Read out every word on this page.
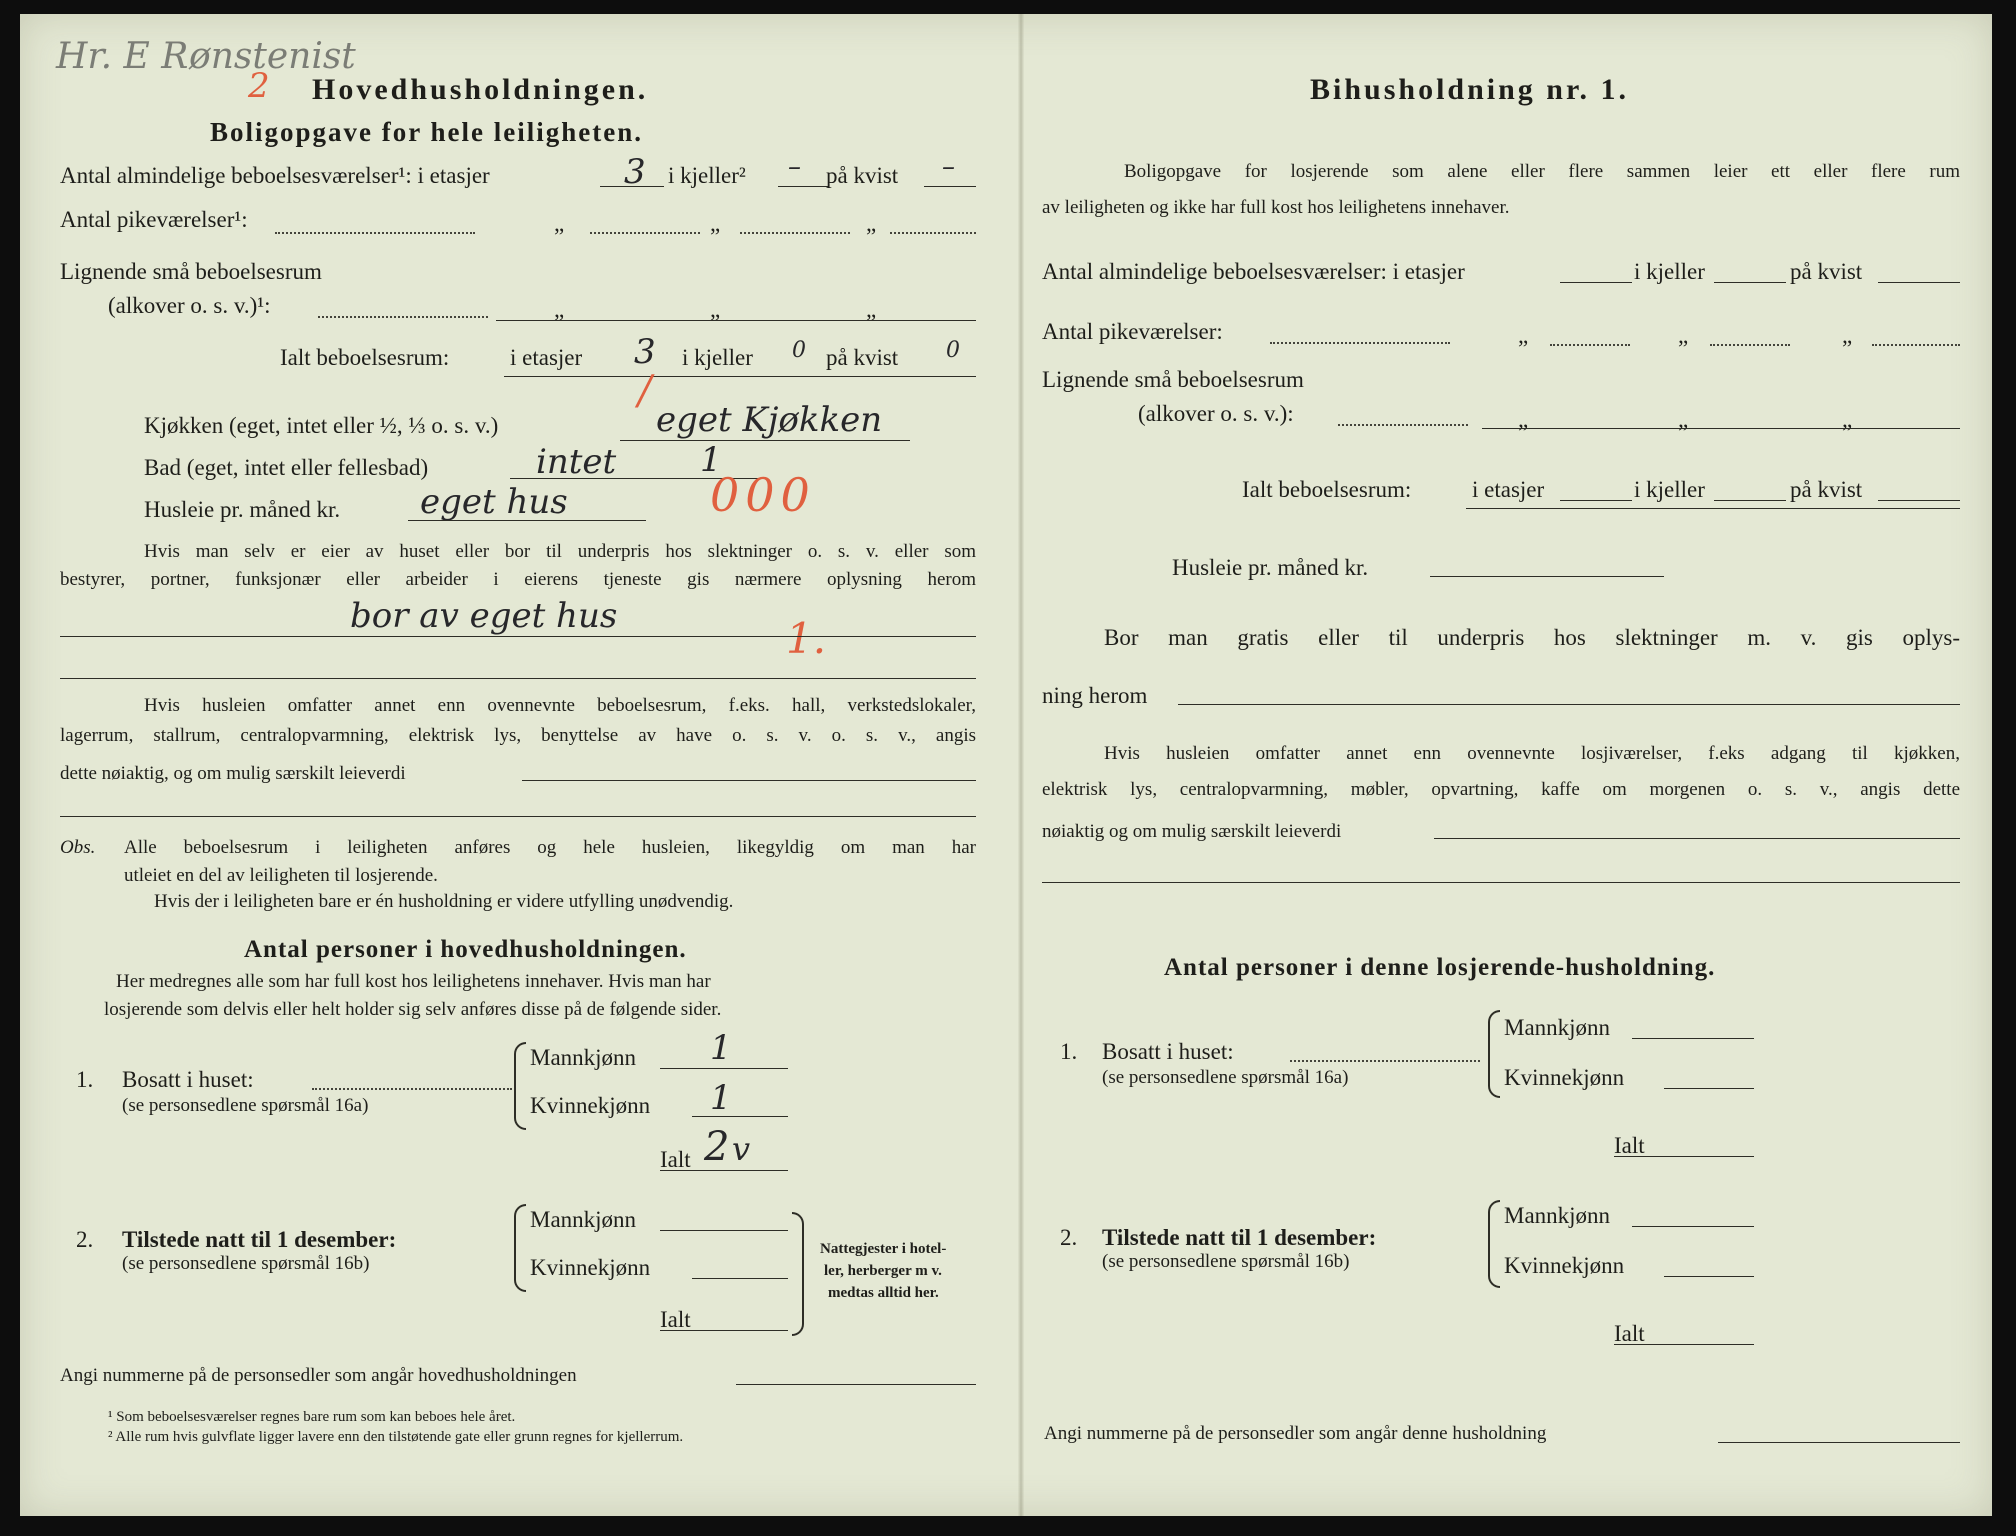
Hr. E Rønstenist
2 Hovedhusholdningen.
Boligopgave for hele leiligheten.
Antal almindelige beboelsesværelser¹: i etasjer	3 i kjeller² – på kvist –
Antal pikeværelser¹:	„	„	„
Lignende små beboelsesrum
(alkover o. s. v.)¹:	„	„	„
Ialt beboelsesrum:	i etasjer 3 i kjeller 0 på kvist 0
/
Kjøkken (eget, intet eller ½, ⅓ o. s. v.)	eget Kjøkken
Bad (eget, intet eller fellesbad)	intet 1
Husleie pr. måned kr. eget hus	000
Hvis man selv er eier av huset eller bor til underpris hos slektninger o. s. v. eller som
bestyrer, portner, funksjonær eller arbeider i eierens tjeneste gis nærmere oplysning herom
bor av eget hus	1.
Hvis husleien omfatter annet enn ovennevnte beboelsesrum, f.eks. hall, verkstedslokaler,
lagerrum, stallrum, centralopvarmning, elektrisk lys, benyttelse av have o. s. v. o. s. v., angis
dette nøiaktig, og om mulig særskilt leieverdi
Obs. Alle beboelsesrum i leiligheten anføres og hele husleien, likegyldig om man har
utleiet en del av leiligheten til losjerende.
Hvis der i leiligheten bare er én husholdning er videre utfylling unødvendig.
Antal personer i hovedhusholdningen.
Her medregnes alle som har full kost hos leilighetens innehaver. Hvis man har
losjerende som delvis eller helt holder sig selv anføres disse på de følgende sider.
1. Bosatt i huset:
(se personsedlene spørsmål 16a)
Mannkjønn 1
Kvinnekjønn 1
Ialt 2 v
2. Tilstede natt til 1 desember:
(se personsedlene spørsmål 16b)
Mannkjønn
Kvinnekjønn
Ialt
Nattegjester i hotel-
ler, herberger m v.
medtas alltid her.
Angi nummerne på de personsedler som angår hovedhusholdningen
¹ Som beboelsesværelser regnes bare rum som kan beboes hele året.
² Alle rum hvis gulvflate ligger lavere enn den tilstøtende gate eller grunn regnes for kjellerrum.
Bihusholdning nr. 1.
Boligopgave for losjerende som alene eller flere sammen leier ett eller flere rum
av leiligheten og ikke har full kost hos leilighetens innehaver.
Antal almindelige beboelsesværelser: i etasjer	i kjeller	på kvist
Antal pikeværelser:	„	„	„
Lignende små beboelsesrum
(alkover o. s. v.):	„	„	„
Ialt beboelsesrum:	i etasjer	i kjeller	på kvist
Husleie pr. måned kr.
Bor man gratis eller til underpris hos slektninger m. v. gis oplys-
ning herom
Hvis husleien omfatter annet enn ovennevnte losjiværelser, f.eks adgang til kjøkken,
elektrisk lys, centralopvarmning, møbler, opvartning, kaffe om morgenen o. s. v., angis dette
nøiaktig og om mulig særskilt leieverdi
Antal personer i denne losjerende-husholdning.
1. Bosatt i huset:
(se personsedlene spørsmål 16a)
Mannkjønn
Kvinnekjønn
Ialt
2. Tilstede natt til 1 desember:
(se personsedlene spørsmål 16b)
Mannkjønn
Kvinnekjønn
Ialt
Angi nummerne på de personsedler som angår denne husholdning
